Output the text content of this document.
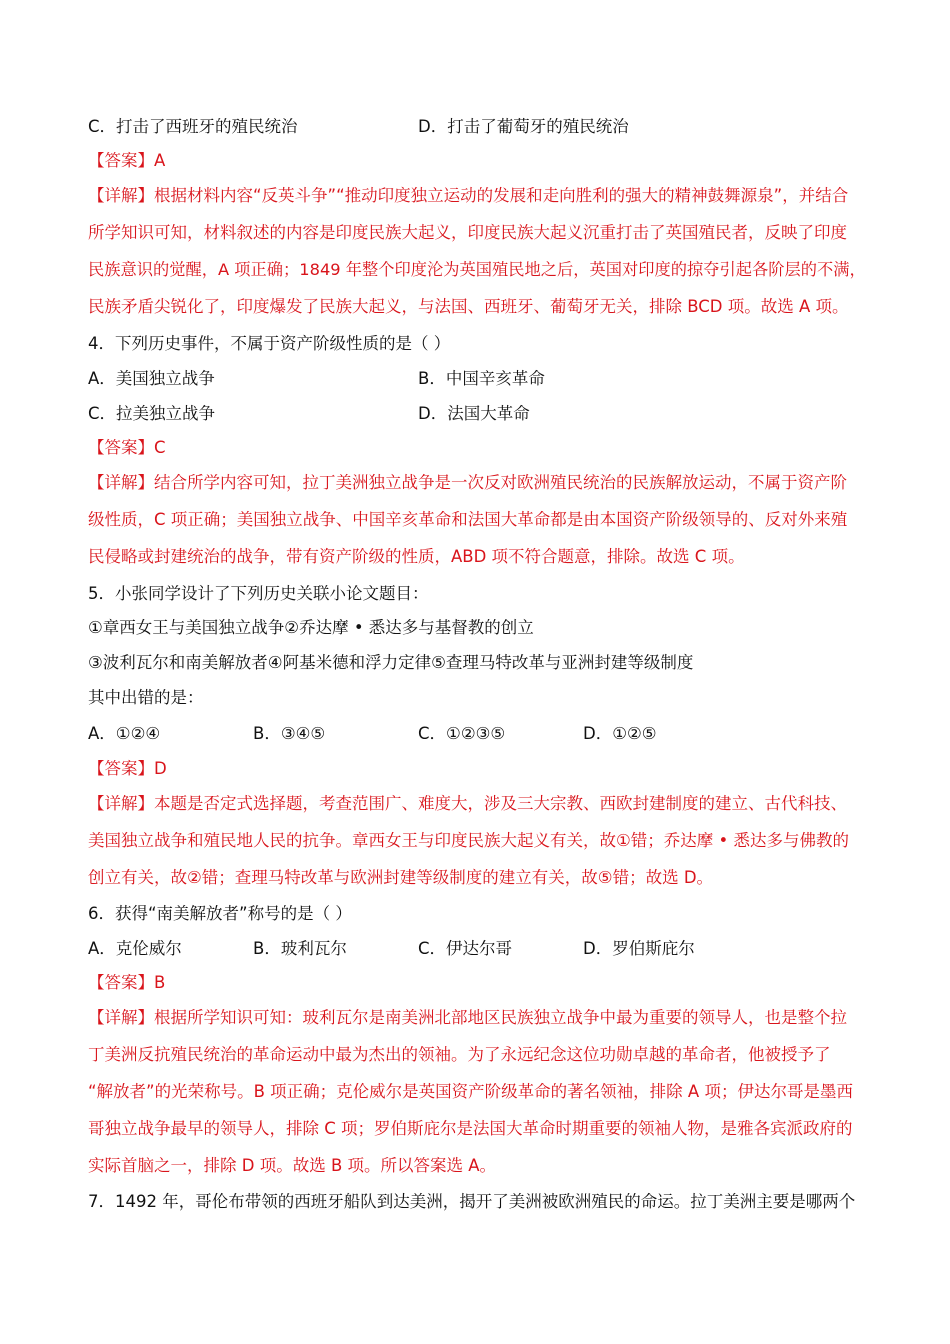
C．打击了西班牙的殖民统治	D．打击了葡萄牙的殖民统治
【答案】A
【详解】根据材料内容“反英斗争”“推动印度独立运动的发展和走向胜利的强大的精神鼓舞源泉”，并结合
所学知识可知，材料叙述的内容是印度民族大起义，印度民族大起义沉重打击了英国殖民者，反映了印度
民族意识的觉醒，A 项正确；1849 年整个印度沦为英国殖民地之后，英国对印度的掠夺引起各阶层的不满，
民族矛盾尖锐化了，印度爆发了民族大起义，与法国、西班牙、葡萄牙无关，排除 BCD 项。故选 A 项。
4．下列历史事件，不属于资产阶级性质的是（ ）
A．美国独立战争	B．中国辛亥革命
C．拉美独立战争	D．法国大革命
【答案】C
【详解】结合所学内容可知，拉丁美洲独立战争是一次反对欧洲殖民统治的民族解放运动，不属于资产阶
级性质，C 项正确；美国独立战争、中国辛亥革命和法国大革命都是由本国资产阶级领导的、反对外来殖
民侵略或封建统治的战争，带有资产阶级的性质，ABD 项不符合题意，排除。故选 C 项。
5．小张同学设计了下列历史关联小论文题目：
①章西女王与美国独立战争②乔达摩 • 悉达多与基督教的创立
③波利瓦尔和南美解放者④阿基米德和浮力定律⑤查理马特改革与亚洲封建等级制度
其中出错的是：
A．①②④	B．③④⑤	C．①②③⑤	D．①②⑤
【答案】D
【详解】本题是否定式选择题，考查范围广、难度大，涉及三大宗教、西欧封建制度的建立、古代科技、
美国独立战争和殖民地人民的抗争。章西女王与印度民族大起义有关，故①错；乔达摩 • 悉达多与佛教的
创立有关，故②错；查理马特改革与欧洲封建等级制度的建立有关，故⑤错；故选 D。
6．获得“南美解放者”称号的是（ ）
A．克伦威尔	B．玻利瓦尔	C．伊达尔哥	D．罗伯斯庇尔
【答案】B
【详解】根据所学知识可知：玻利瓦尔是南美洲北部地区民族独立战争中最为重要的领导人，也是整个拉
丁美洲反抗殖民统治的革命运动中最为杰出的领袖。为了永远纪念这位功勋卓越的革命者，他被授予了
“解放者”的光荣称号。B 项正确；克伦威尔是英国资产阶级革命的著名领袖，排除 A 项；伊达尔哥是墨西
哥独立战争最早的领导人，排除 C 项；罗伯斯庇尔是法国大革命时期重要的领袖人物，是雅各宾派政府的
实际首脑之一，排除 D 项。故选 B 项。所以答案选 A。
7．1492 年，哥伦布带领的西班牙船队到达美洲，揭开了美洲被欧洲殖民的命运。拉丁美洲主要是哪两个
